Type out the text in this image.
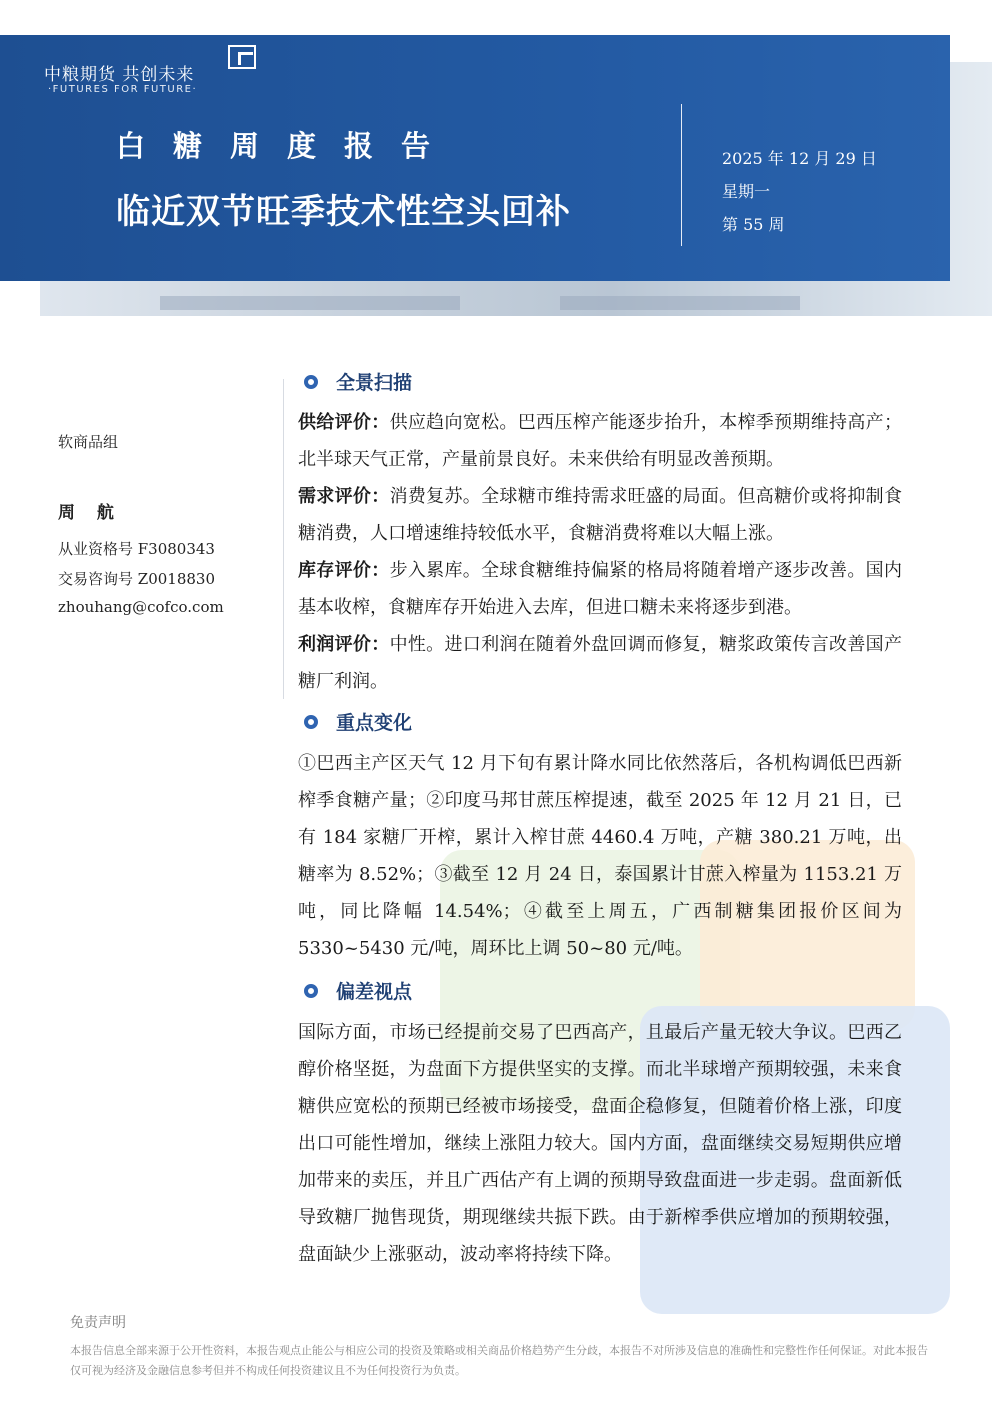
中粮期货 共创未来
·FUTURES FOR FUTURE·
白糖周度报告
临近双节旺季技术性空头回补
2025 年 12 月 29 日
星期一
第 55 周
软商品组
周 航
从业资格号 F3080343
交易咨询号 Z0018830
zhouhang@cofco.com
全景扫描

供给评价：供应趋向宽松。巴西压榨产能逐步抬升，本榨季预期维持高产；北半球天气正常，产量前景良好。未来供给有明显改善预期。

需求评价：消费复苏。全球糖市维持需求旺盛的局面。但高糖价或将抑制食糖消费，人口增速维持较低水平，食糖消费将难以大幅上涨。

库存评价：步入累库。全球食糖维持偏紧的格局将随着增产逐步改善。国内基本收榨，食糖库存开始进入去库，但进口糖未来将逐步到港。

利润评价：中性。进口利润在随着外盘回调而修复，糖浆政策传言改善国产糖厂利润。

重点变化

①巴西主产区天气 12 月下旬有累计降水同比依然落后，各机构调低巴西新榨季食糖产量；②印度马邦甘蔗压榨提速，截至 2025 年 12 月 21 日，已有 184 家糖厂开榨，累计入榨甘蔗 4460.4 万吨，产糖 380.21 万吨，出糖率为 8.52%；③截至 12 月 24 日，泰国累计甘蔗入榨量为 1153.21 万吨，同比降幅 14.54%；④截至上周五，广西制糖集团报价区间为 5330~5430 元/吨，周环比上调 50~80 元/吨。

偏差视点

国际方面，市场已经提前交易了巴西高产，且最后产量无较大争议。巴西乙醇价格坚挺，为盘面下方提供坚实的支撑。而北半球增产预期较强，未来食糖供应宽松的预期已经被市场接受，盘面企稳修复，但随着价格上涨，印度出口可能性增加，继续上涨阻力较大。国内方面，盘面继续交易短期供应增加带来的卖压，并且广西估产有上调的预期导致盘面进一步走弱。盘面新低导致糖厂抛售现货，期现继续共振下跌。由于新榨季供应增加的预期较强，盘面缺少上涨驱动，波动率将持续下降。

免责声明
本报告信息全部来源于公开性资料，本报告观点止能公与相应公司的投资及策略或相关商品价格趋势产生分歧，本报告不对所涉及信息的准确性和完整性作任何保证。对此本报告仅可视为经济及金融信息参考但并不构成任何投资建议且不为任何投资行为负责。
